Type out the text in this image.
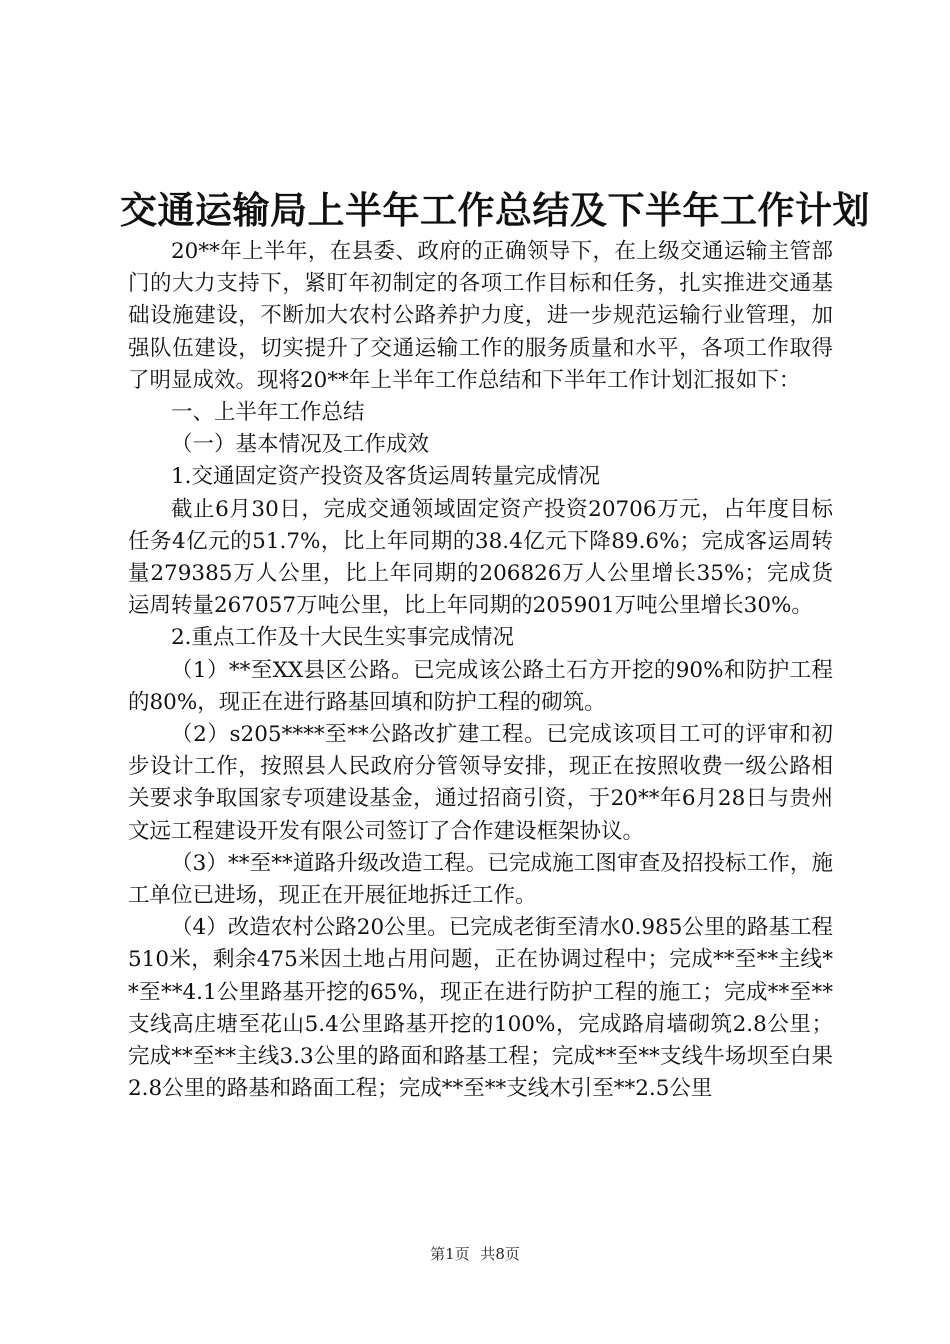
交通运输局上半年工作总结及下半年工作计划

20**年上半年，在县委、政府的正确领导下，在上级交通运输主管部门的大力支持下，紧盯年初制定的各项工作目标和任务，扎实推进交通基础设施建设，不断加大农村公路养护力度，进一步规范运输行业管理，加强队伍建设，切实提升了交通运输工作的服务质量和水平，各项工作取得了明显成效。现将20**年上半年工作总结和下半年工作计划汇报如下：

一、上半年工作总结

（一）基本情况及工作成效

1.交通固定资产投资及客货运周转量完成情况

截止6月30日，完成交通领域固定资产投资20706万元，占年度目标任务4亿元的51.7%，比上年同期的38.4亿元下降89.6%；完成客运周转量279385万人公里，比上年同期的206826万人公里增长35%；完成货运周转量267057万吨公里，比上年同期的205901万吨公里增长30%。

2.重点工作及十大民生实事完成情况

（1）**至XX县区公路。已完成该公路土石方开挖的90%和防护工程的80%，现正在进行路基回填和防护工程的砌筑。

（2）s205****至**公路改扩建工程。已完成该项目工可的评审和初步设计工作，按照县人民政府分管领导安排，现正在按照收费一级公路相关要求争取国家专项建设基金，通过招商引资，于20**年6月28日与贵州文远工程建设开发有限公司签订了合作建设框架协议。

（3）**至**道路升级改造工程。已完成施工图审查及招投标工作，施工单位已进场，现正在开展征地拆迁工作。

（4）改造农村公路20公里。已完成老街至清水0.985公里的路基工程510米，剩余475米因土地占用问题，正在协调过程中；完成**至**主线**至**4.1公里路基开挖的65%，现正在进行防护工程的施工；完成**至**支线高庄塘至花山5.4公里路基开挖的100%，完成路肩墙砌筑2.8公里；完成**至**主线3.3公里的路面和路基工程；完成**至**支线牛场坝至白果2.8公里的路基和路面工程；完成**至**支线木引至**2.5公里

第1页 共8页
